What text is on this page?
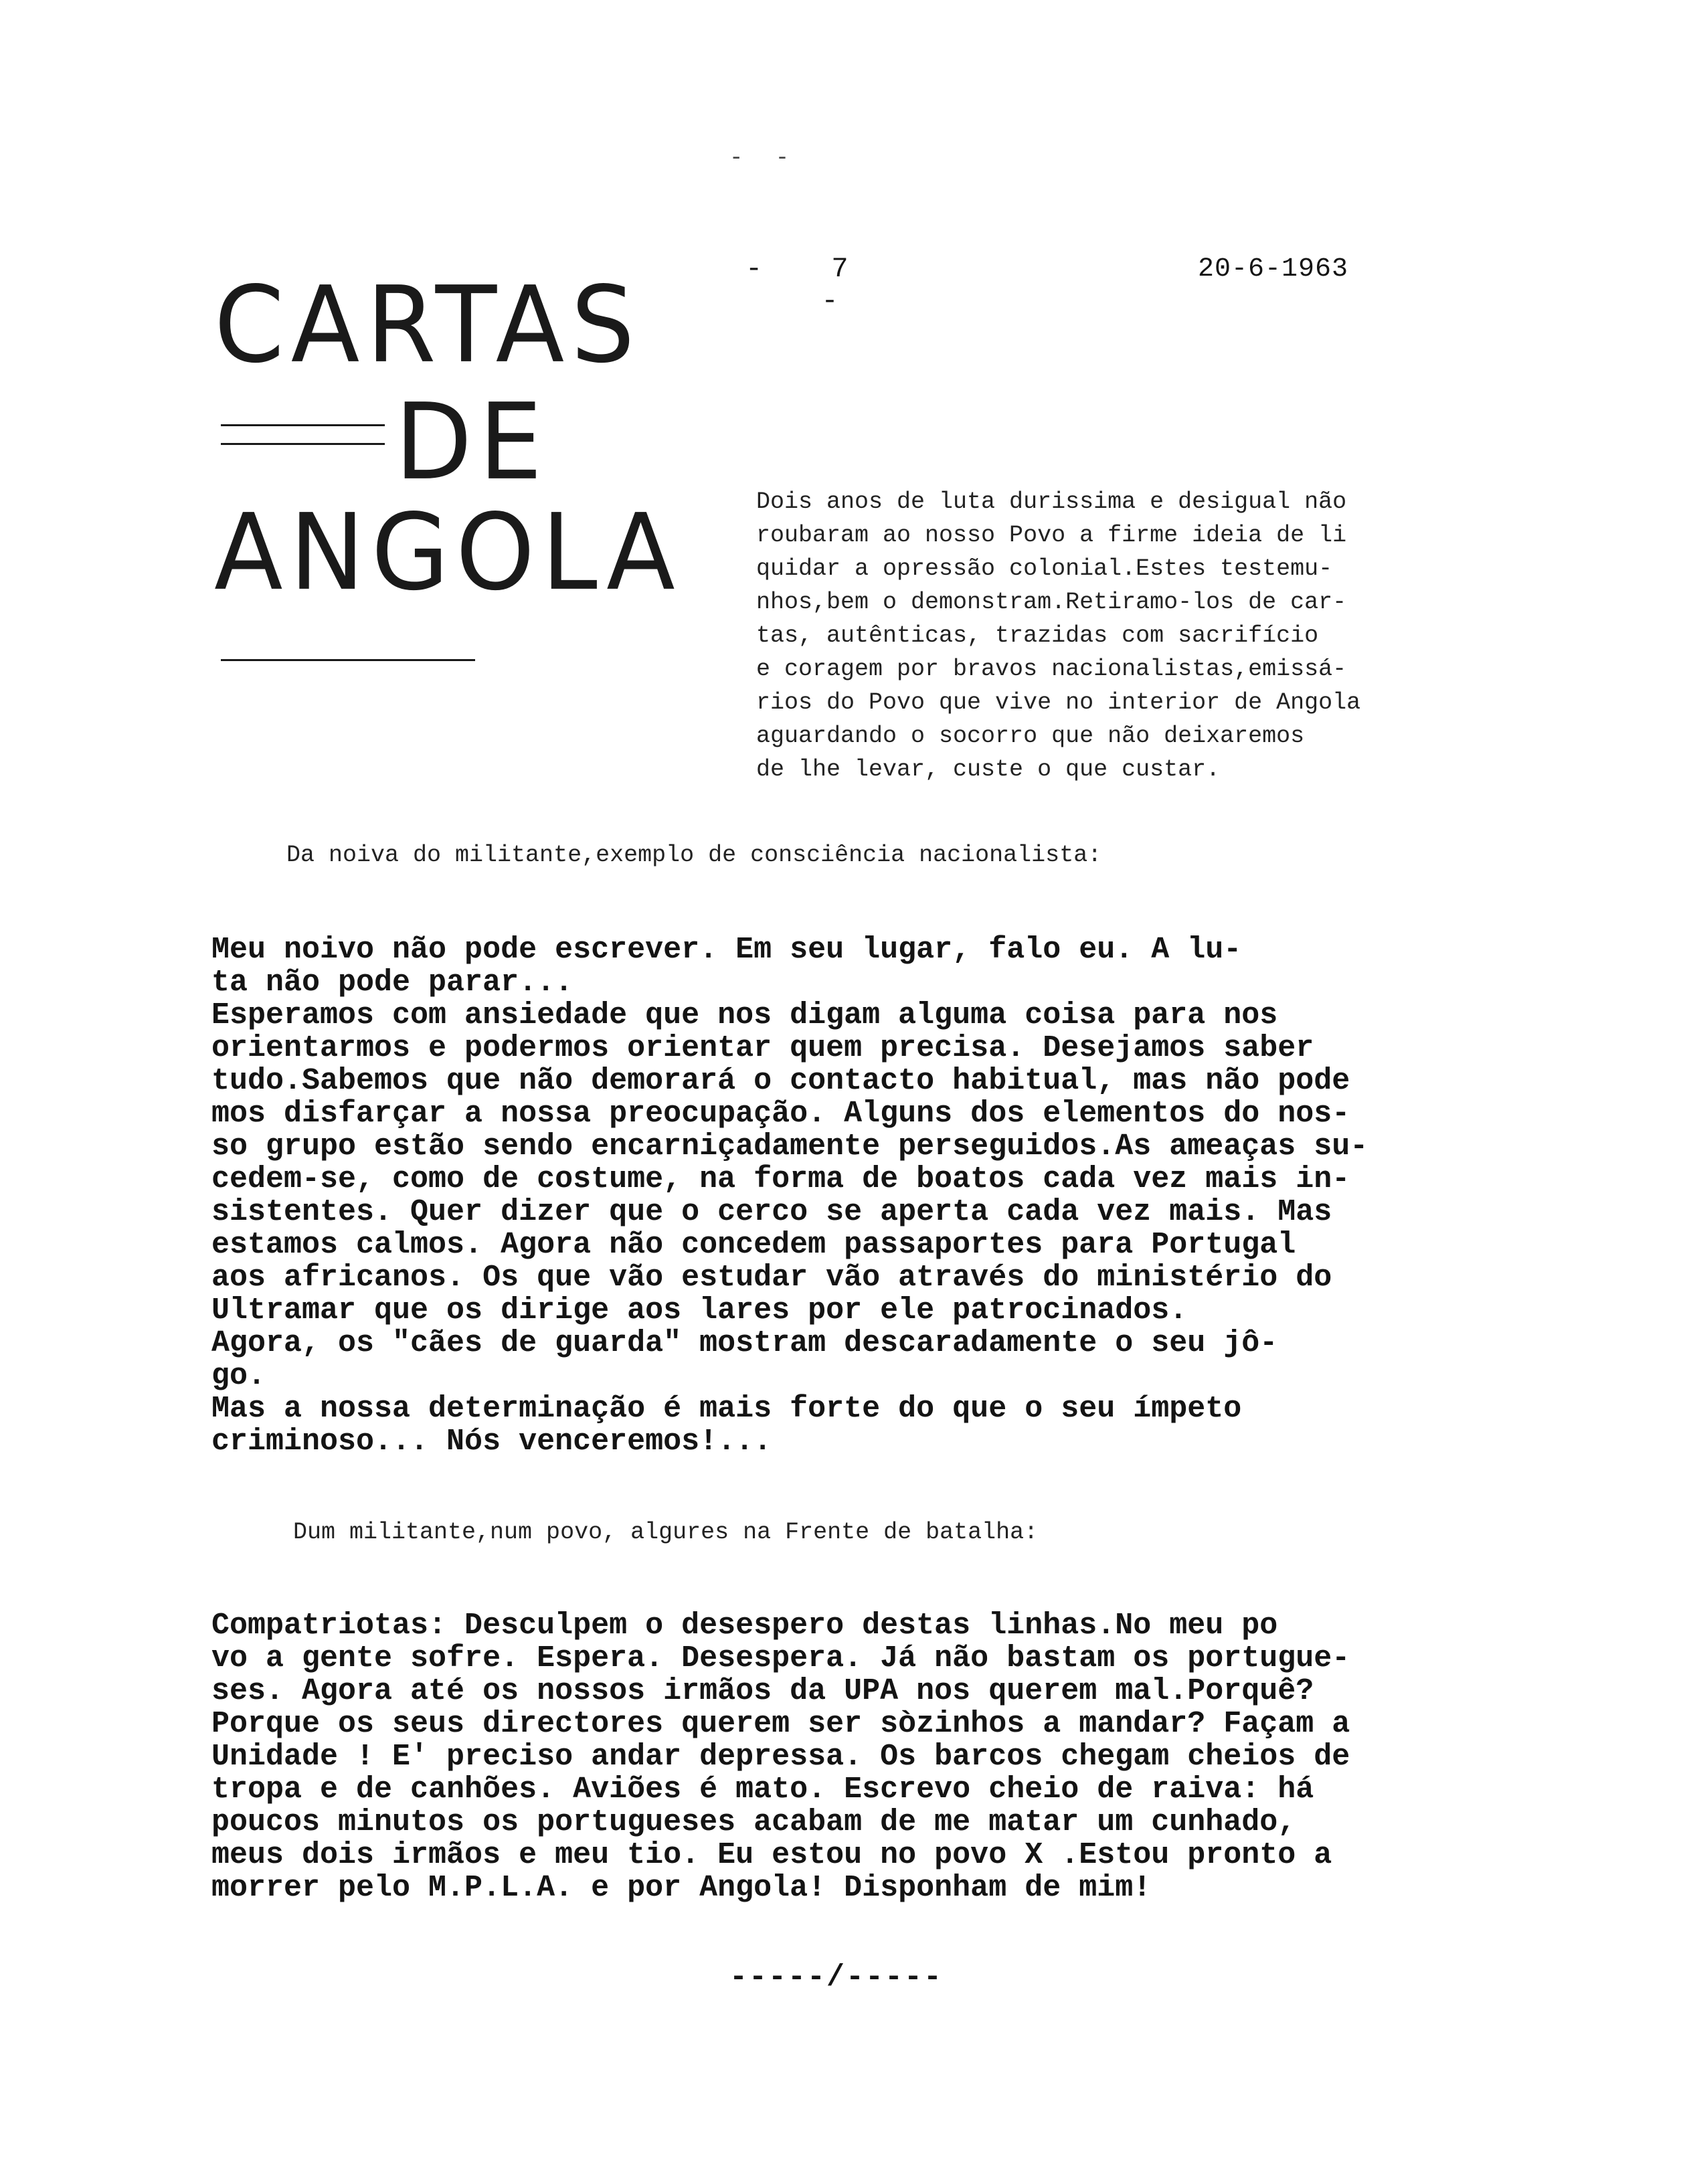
- -
CARTAS
DE
ANGOLA
- 7    -
20-6-1963
Dois anos de luta durissima e desigual não
roubaram ao nosso Povo a firme ideia de li
quidar a opressão colonial.Estes testemu-
nhos,bem o demonstram.Retiramo-los de car-
tas, autênticas, trazidas com sacrifício
e coragem por bravos nacionalistas,emissá-
rios do Povo que vive no interior de Angola
aguardando o socorro que não deixaremos
de lhe levar, custe o que custar.
Da noiva do militante,exemplo de consciência nacionalista:
Meu noivo não pode escrever. Em seu lugar, falo eu. A lu-
ta não pode parar...
Esperamos com ansiedade que nos digam alguma coisa para nos
orientarmos e podermos orientar quem precisa. Desejamos saber
tudo.Sabemos que não demorará o contacto habitual, mas não pode
mos disfarçar a nossa preocupação. Alguns dos elementos do nos-
so grupo estão sendo encarniçadamente perseguidos.As ameaças su-
cedem-se, como de costume, na forma de boatos cada vez mais in-
sistentes. Quer dizer que o cerco se aperta cada vez mais. Mas
estamos calmos. Agora não concedem passaportes para Portugal
aos africanos. Os que vão estudar vão através do ministério do
Ultramar que os dirige aos lares por ele patrocinados.
Agora, os "cães de guarda" mostram descaradamente o seu jô-
go.
Mas a nossa determinação é mais forte do que o seu ímpeto
criminoso... Nós venceremos!...
Dum militante,num povo, algures na Frente de batalha:
Compatriotas: Desculpem o desespero destas linhas.No meu po
vo a gente sofre. Espera. Desespera. Já não bastam os portugue-
ses. Agora até os nossos irmãos da UPA nos querem mal.Porquê?
Porque os seus directores querem ser sòzinhos a mandar? Façam a
Unidade ! E' preciso andar depressa. Os barcos chegam cheios de
tropa e de canhões. Aviões é mato. Escrevo cheio de raiva: há
poucos minutos os portugueses acabam de me matar um cunhado,
meus dois irmãos e meu tio. Eu estou no povo X .Estou pronto a
morrer pelo M.P.L.A. e por Angola! Disponham de mim!
-----/-----
